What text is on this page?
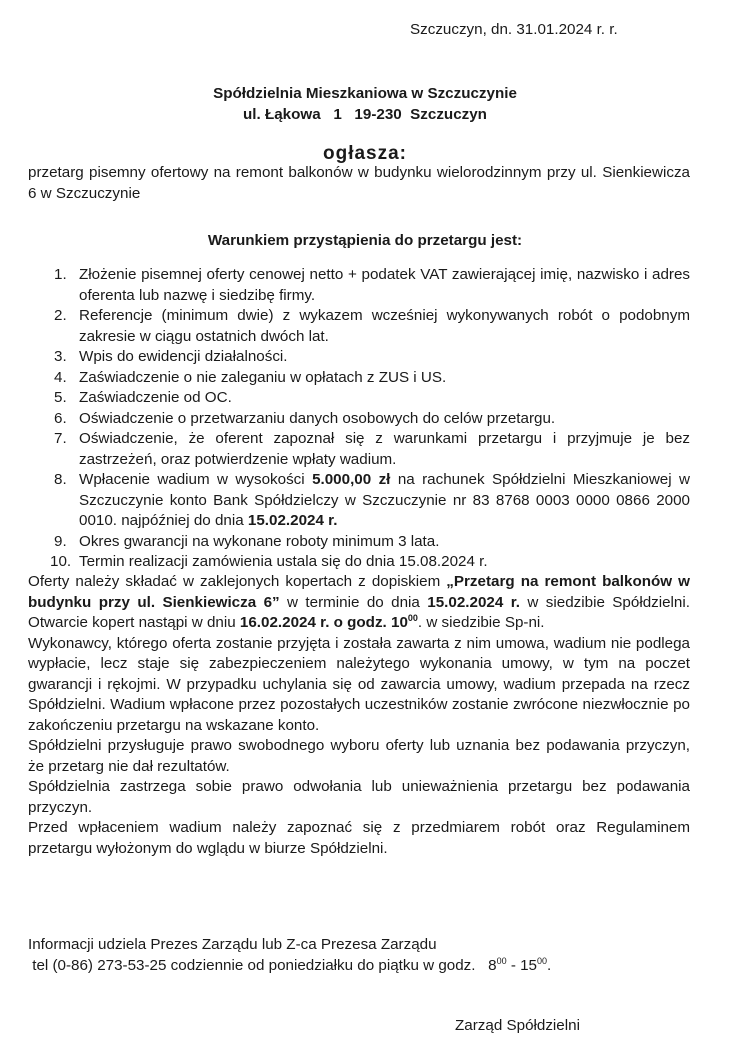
Szczuczyn, dn. 31.01.2024 r. r.
Spółdzielnia Mieszkaniowa w Szczuczynie
ul. Łąkowa   1   19-230  Szczuczyn
ogłasza:

przetarg pisemny ofertowy na remont balkonów w budynku wielorodzinnym przy ul. Sienkiewicza 6 w Szczuczynie

Warunkiem przystąpienia do przetargu jest:
1. Złożenie pisemnej oferty cenowej netto + podatek VAT zawierającej imię, nazwisko i adres oferenta lub nazwę i siedzibę firmy.
2. Referencje (minimum dwie) z wykazem wcześniej wykonywanych robót o podobnym zakresie w ciągu ostatnich dwóch lat.
3. Wpis do ewidencji działalności.
4. Zaświadczenie o nie zaleganiu w opłatach z ZUS i US.
5. Zaświadczenie od OC.
6. Oświadczenie o przetwarzaniu danych osobowych do celów przetargu.
7. Oświadczenie, że oferent zapoznał się z warunkami przetargu i przyjmuje je bez zastrzeżeń, oraz potwierdzenie wpłaty wadium.
8. Wpłacenie wadium w wysokości 5.000,00 zł na rachunek Spółdzielni Mieszkaniowej w Szczuczynie konto Bank Spółdzielczy w Szczuczynie nr 83 8768 0003 0000 0866 2000 0010. najpóźniej do dnia 15.02.2024 r.
9. Okres gwarancji na wykonane roboty minimum 3 lata.
10. Termin realizacji zamówienia ustala się do dnia 15.08.2024 r.

Oferty należy składać w zaklejonych kopertach z dopiskiem „Przetarg na remont balkonów w budynku przy ul. Sienkiewicza 6” w terminie do dnia 15.02.2024 r. w siedzibie Spółdzielni. Otwarcie kopert nastąpi w dniu 16.02.2024 r. o godz. $10^{00}$. w siedzibie Sp-ni.

Wykonawcy, którego oferta zostanie przyjęta i została zawarta z nim umowa, wadium nie podlega wypłacie, lecz staje się zabezpieczeniem należytego wykonania umowy, w tym na poczet gwarancji i rękojmi. W przypadku uchylania się od zawarcia umowy, wadium przepada na rzecz Spółdzielni. Wadium wpłacone przez pozostałych uczestników zostanie zwrócone niezwłocznie po zakończeniu przetargu na wskazane konto.

Spółdzielni przysługuje prawo swobodnego wyboru oferty lub uznania bez podawania przyczyn, że przetarg nie dał rezultatów.

Spółdzielnia zastrzega sobie prawo odwołania lub unieważnienia przetargu bez podawania przyczyn.

Przed wpłaceniem wadium należy zapoznać się z przedmiarem robót oraz Regulaminem przetargu wyłożonym do wglądu w biurze Spółdzielni.

Informacji udziela Prezes Zarządu lub Z-ca Prezesa Zarządu

tel (0-86) 273-53-25 codziennie od poniedziałku do piątku w godz.   $8^{00} - 15^{00}$.

Zarząd Spółdzielni
